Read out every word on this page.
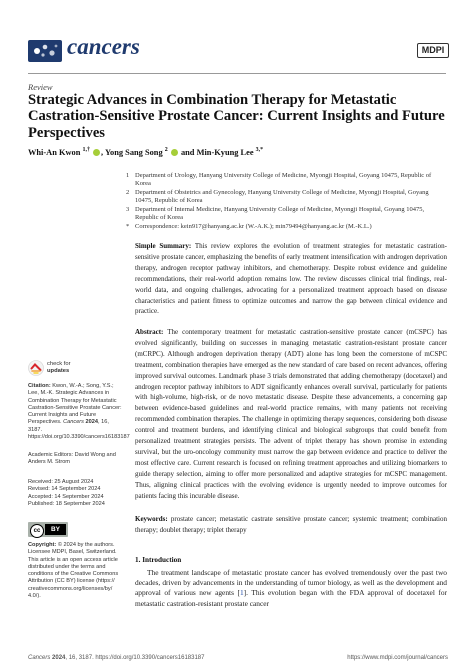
cancers	MDPI
Review
Strategic Advances in Combination Therapy for Metastatic Castration-Sensitive Prostate Cancer: Current Insights and Future Perspectives
Whi-An Kwon $^{1,\dagger}$ , Yong Sang Song $^2$ and Min-Kyung Lee $^{3,*}$
1 Department of Urology, Hanyang University College of Medicine, Myongji Hospital, Goyang 10475, Republic of Korea
2 Department of Obstetrics and Gynecology, Hanyang University College of Medicine, Myongji Hospital, Goyang 10475, Republic of Korea
3 Department of Internal Medicine, Hanyang University College of Medicine, Myongji Hospital, Goyang 10475, Republic of Korea
* Correspondence: kein917@hanyang.ac.kr (W.-A.K.); min79494@hanyang.ac.kr (M.-K.L.)
Simple Summary: This review explores the evolution of treatment strategies for metastatic castration-sensitive prostate cancer, emphasizing the benefits of early treatment intensification with androgen deprivation therapy, androgen receptor pathway inhibitors, and chemotherapy. Despite robust evidence and guideline recommendations, their real-world adoption remains low. The review discusses clinical trial findings, real-world data, and ongoing challenges, advocating for a personalized treatment approach based on disease characteristics and patient fitness to optimize outcomes and narrow the gap between clinical evidence and practice.
Abstract: The contemporary treatment for metastatic castration-sensitive prostate cancer (mCSPC) has evolved significantly, building on successes in managing metastatic castration-resistant prostate cancer (mCRPC). Although androgen deprivation therapy (ADT) alone has long been the cornerstone of mCSPC treatment, combination therapies have emerged as the new standard of care based on recent advances, offering improved survival outcomes. Landmark phase 3 trials demonstrated that adding chemotherapy (docetaxel) and androgen receptor pathway inhibitors to ADT significantly enhances overall survival, particularly for patients with high-volume, high-risk, or de novo metastatic disease. Despite these advancements, a concerning gap between evidence-based guidelines and real-world practice remains, with many patients not receiving recommended combination therapies. The challenge in optimizing therapy sequences, considering both disease control and treatment burdens, and identifying clinical and biological subgroups that could benefit from personalized treatment strategies persists. The advent of triplet therapy has shown promise in extending survival, but the uro-oncology community must narrow the gap between evidence and practice to deliver the most effective care. Current research is focused on refining treatment approaches and utilizing biomarkers to guide therapy selection, aiming to offer more personalized and adaptive strategies for mCSPC management. Thus, aligning clinical practices with the evolving evidence is urgently needed to improve outcomes for patients facing this incurable disease.
Keywords: prostate cancer; metastatic castrate sensitive prostate cancer; systemic treatment; combination therapy; doublet therapy; triplet therapy
check for
updates
Citation: Kwon, W.-A.; Song, Y.S.; Lee, M.-K. Strategic Advances in Combination Therapy for Metastatic Castration-Sensitive Prostate Cancer: Current Insights and Future Perspectives. Cancers 2024, 16, 3187. https://doi.org/10.3390/cancers16183187
Academic Editors: David Wong and Anders M. Strom
Received: 25 August 2024
Revised: 14 September 2024
Accepted: 14 September 2024
Published: 18 September 2024
cc	BY
Copyright: © 2024 by the authors. Licensee MDPI, Basel, Switzerland. This article is an open access article distributed under the terms and conditions of the Creative Commons Attribution (CC BY) license (https:// creativecommons.org/licenses/by/ 4.0/).
1. Introduction
The treatment landscape of metastatic prostate cancer has evolved tremendously over the past two decades, driven by advancements in the understanding of tumor biology, as well as the development and approval of various new agents [1]. This evolution began with the FDA approval of docetaxel for metastatic castration-resistant prostate cancer
Cancers 2024, 16, 3187. https://doi.org/10.3390/cancers16183187	https://www.mdpi.com/journal/cancers
